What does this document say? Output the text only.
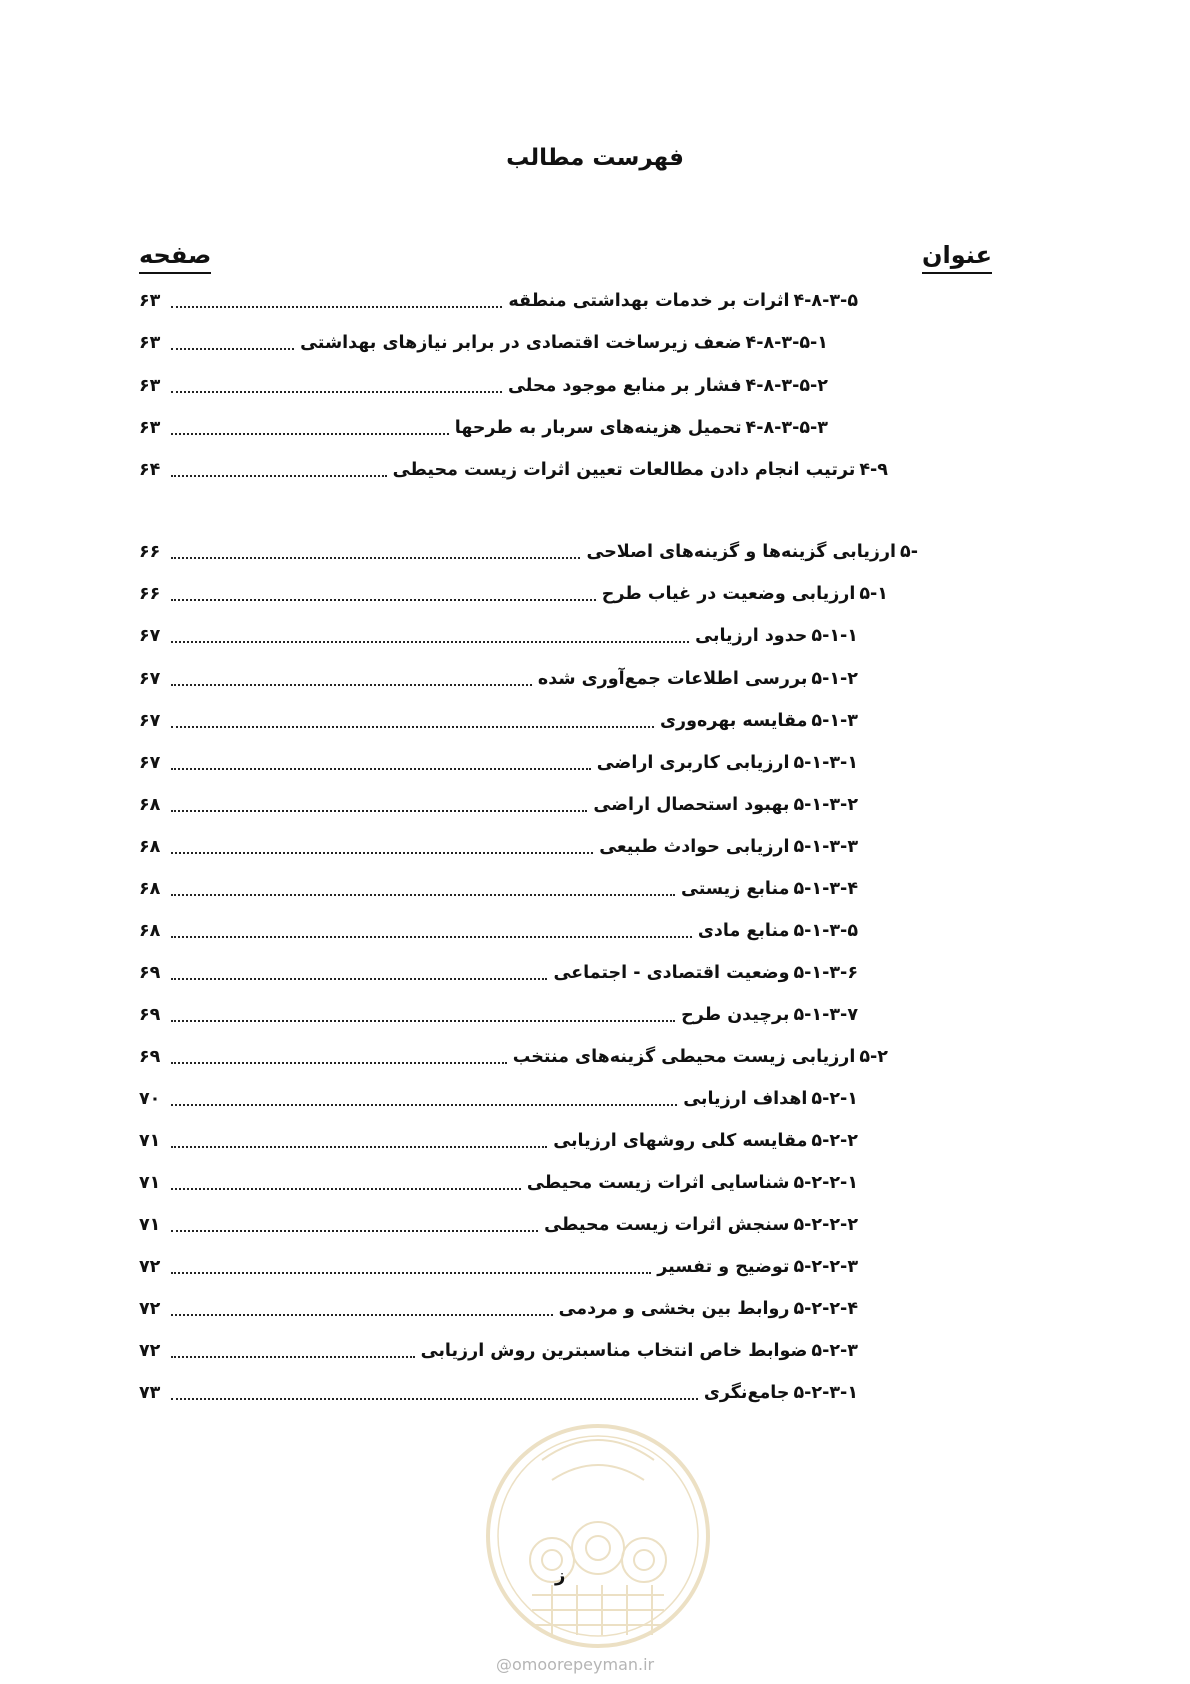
فهرست مطالب
عنوان
صفحه
۴-۸-۳-۵
اثرات بر خدمات بهداشتی منطقه
۶۳
۴-۸-۳-۵-۱
ضعف زیرساخت اقتصادی در برابر نیازهای بهداشتی
۶۳
۴-۸-۳-۵-۲
فشار بر منابع موجود محلی
۶۳
۴-۸-۳-۵-۳
تحمیل هزینه‌های سربار به طرحها
۶۳
۴-۹
ترتیب انجام دادن مطالعات تعیین اثرات زیست محیطی
۶۴
۵-
ارزیابی گزینه‌ها و گزینه‌های اصلاحی
۶۶
۵-۱
ارزیابی وضعیت در غیاب طرح
۶۶
۵-۱-۱
حدود ارزیابی
۶۷
۵-۱-۲
بررسی اطلاعات جمع‌آوری شده
۶۷
۵-۱-۳
مقایسه بهره‌وری
۶۷
۵-۱-۳-۱
ارزیابی کاربری اراضی
۶۷
۵-۱-۳-۲
بهبود استحصال اراضی
۶۸
۵-۱-۳-۳
ارزیابی حوادث طبیعی
۶۸
۵-۱-۳-۴
منابع زیستی
۶۸
۵-۱-۳-۵
منابع مادی
۶۸
۵-۱-۳-۶
وضعیت اقتصادی - اجتماعی
۶۹
۵-۱-۳-۷
برچیدن طرح
۶۹
۵-۲
ارزیابی زیست محیطی گزینه‌های منتخب
۶۹
۵-۲-۱
اهداف ارزیابی
۷۰
۵-۲-۲
مقایسه کلی روشهای ارزیابی
۷۱
۵-۲-۲-۱
شناسایی اثرات زیست محیطی
۷۱
۵-۲-۲-۲
سنجش اثرات زیست محیطی
۷۱
۵-۲-۲-۳
توضیح و تفسیر
۷۲
۵-۲-۲-۴
روابط بین بخشی و مردمی
۷۲
۵-۲-۳
ضوابط خاص انتخاب مناسبترین روش ارزیابی
۷۲
۵-۲-۳-۱
جامع‌نگری
۷۳
ز
@omoorepeyman.ir
